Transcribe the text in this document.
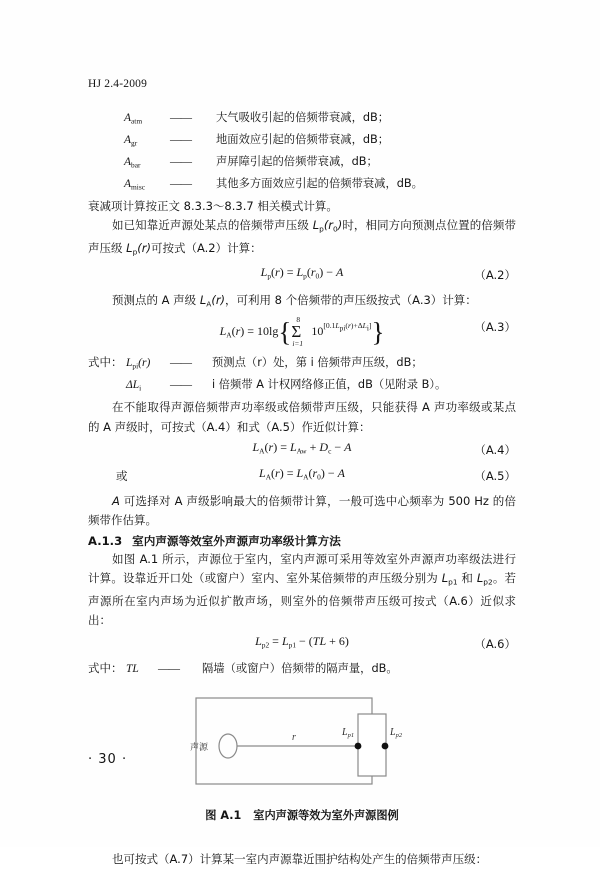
HJ 2.4-2009
$A_{atm}$	——	大气吸收引起的倍频带衰减，dB；
$A_{gr}$	——	地面效应引起的倍频带衰减，dB；
$A_{bar}$	——	声屏障引起的倍频带衰减，dB；
$A_{misc}$	——	其他多方面效应引起的倍频带衰减，dB。

衰减项计算按正文 8.3.3～8.3.7 相关模式计算。

如已知靠近声源处某点的倍频带声压级 $L_p(r_0)$时，相同方向预测点位置的倍频带声压级 $L_p(r)$可按式（A.2）计算：

$L_p(r) = L_p(r_0) - A$	（A.2）

预测点的 A 声级 $L_A(r)$，可利用 8 个倍频带的声压级按式（A.3）计算：

$L_A(r) = 10\lg${ 8
Σ
i=1
10[0.1Lpi(r)+ΔLi]}	（A.3）
式中： $L_{pi}(r)$	——	预测点（r）处，第 i 倍频带声压级，dB；
$\Delta L_i$	——	i 倍频带 A 计权网络修正值，dB（见附录 B）。

在不能取得声源倍频带声功率级或倍频带声压级，只能获得 A 声功率级或某点的 A 声级时，可按式（A.4）和式（A.5）作近似计算：

$L_A(r) = L_{Aw} + D_c - A$	（A.4）
或	$L_A(r) = L_A(r_0) - A$	（A.5）

A 可选择对 A 声级影响最大的倍频带计算，一般可选中心频率为 500 Hz 的倍频带作估算。

A.1.3 室内声源等效室外声源声功率级计算方法

如图 A.1 所示，声源位于室内，室内声源可采用等效室外声源声功率级法进行计算。设靠近开口处（或窗户）室内、室外某倍频带的声压级分别为 $L_{p1}$ 和 $L_{p2}$。若声源所在室内声场为近似扩散声场，则室外的倍频带声压级可按式（A.6）近似求出：

$L_{p2} = L_{p1} - (TL + 6)$	（A.6）
式中： TL	——	隔墙（或窗户）倍频带的隔声量，dB。
声源
r	$L_{p1}$	$L_{p2}$
图 A.1 室内声源等效为室外声源图例

也可按式（A.7）计算某一室内声源靠近围护结构处产生的倍频带声压级：

· 30 ·
